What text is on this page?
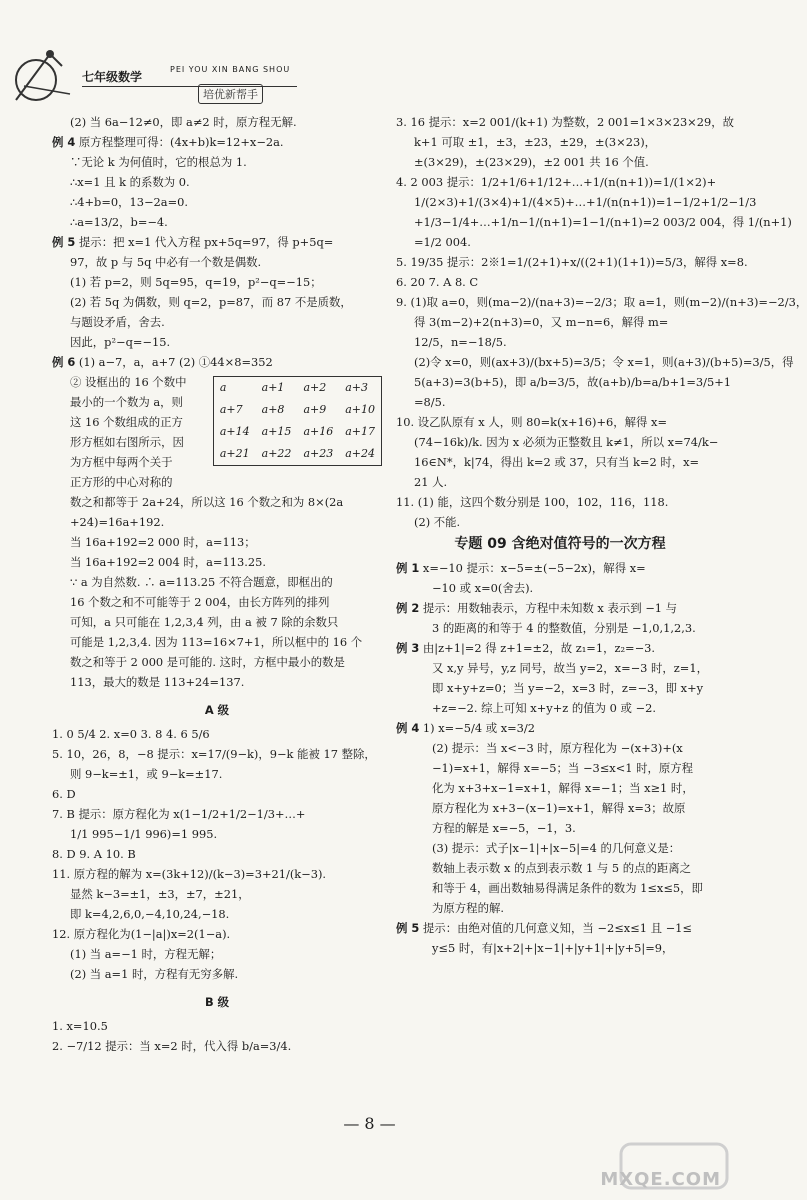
七年级数学
PEI YOU XIN BANG SHOU
培优新帮手
(2) 当 6a−12≠0，即 a≠2 时，原方程无解.
例 4 原方程整理可得：(4x+b)k=12+x−2a.
∵无论 k 为何值时，它的根总为 1.
∴x=1 且 k 的系数为 0.
∴4+b=0，13−2a=0.
∴a=13/2，b=−4.
例 5 提示：把 x=1 代入方程 px+5q=97，得 p+5q=
97，故 p 与 5q 中必有一个数是偶数.
(1) 若 p=2，则 5q=95，q=19，p²−q=−15；
(2) 若 5q 为偶数，则 q=2，p=87，而 87 不是质数，
与题设矛盾，舍去.
因此，p²−q=−15.
例 6 (1) a−7，a，a+7 (2) ①44×8=352
a	a+1	a+2	a+3
a+7	a+8	a+9	a+10
a+14	a+15	a+16	a+17
a+21	a+22	a+23	a+24
② 设框出的 16 个数中
最小的一个数为 a，则
这 16 个数组成的正方
形方框如右图所示，因
为方框中每两个关于
正方形的中心对称的
数之和都等于 2a+24，所以这 16 个数之和为 8×(2a
+24)=16a+192.
当 16a+192=2 000 时，a=113；
当 16a+192=2 004 时，a=113.25.
∵ a 为自然数. ∴ a=113.25 不符合题意，即框出的
16 个数之和不可能等于 2 004，由长方阵列的排列
可知，a 只可能在 1,2,3,4 列，由 a 被 7 除的余数只
可能是 1,2,3,4. 因为 113=16×7+1，所以框中的 16 个
数之和等于 2 000 是可能的. 这时，方框中最小的数是
113，最大的数是 113+24=137.
A 级
1. 0 5/4 2. x=0 3. 8 4. 6 5/6
5. 10，26，8，−8 提示：x=17/(9−k)，9−k 能被 17 整除，
则 9−k=±1，或 9−k=±17.
6. D
7. B 提示：原方程化为 x(1−1/2+1/2−1/3+…+
1/1 995−1/1 996)=1 995.
8. D 9. A 10. B
11. 原方程的解为 x=(3k+12)/(k−3)=3+21/(k−3).
显然 k−3=±1，±3，±7，±21，
即 k=4,2,6,0,−4,10,24,−18.
12. 原方程化为(1−|a|)x=2(1−a).
(1) 当 a=−1 时，方程无解；
(2) 当 a=1 时，方程有无穷多解.
B 级
1. x=10.5
2. −7/12 提示：当 x=2 时，代入得 b/a=3/4.
3. 16 提示：x=2 001/(k+1) 为整数，2 001=1×3×23×29，故
k+1 可取 ±1，±3，±23，±29，±(3×23)，
±(3×29)，±(23×29)，±2 001 共 16 个值.
4. 2 003 提示：1/2+1/6+1/12+…+1/(n(n+1))=1/(1×2)+
1/(2×3)+1/(3×4)+1/(4×5)+…+1/(n(n+1))=1−1/2+1/2−1/3
+1/3−1/4+…+1/n−1/(n+1)=1−1/(n+1)=2 003/2 004，得 1/(n+1)
=1/2 004.
5. 19/35 提示：2※1=1/(2+1)+x/((2+1)(1+1))=5/3，解得 x=8.
6. 20 7. A 8. C
9. (1)取 a=0，则(ma−2)/(na+3)=−2/3；取 a=1，则(m−2)/(n+3)=−2/3，
得 3(m−2)+2(n+3)=0，又 m−n=6，解得 m=
12/5，n=−18/5.
(2)令 x=0，则(ax+3)/(bx+5)=3/5；令 x=1，则(a+3)/(b+5)=3/5，得
5(a+3)=3(b+5)，即 a/b=3/5，故(a+b)/b=a/b+1=3/5+1
=8/5.
10. 设乙队原有 x 人，则 80=k(x+16)+6，解得 x=
(74−16k)/k. 因为 x 必须为正整数且 k≠1，所以 x=74/k−
16∈N*，k|74，得出 k=2 或 37，只有当 k=2 时，x=
21 人.
11. (1) 能，这四个数分别是 100，102，116，118.
(2) 不能.
专题 09 含绝对值符号的一次方程
例 1 x=−10 提示：x−5=±(−5−2x)，解得 x=
−10 或 x=0(舍去).
例 2 提示：用数轴表示，方程中未知数 x 表示到 −1 与
3 的距离的和等于 4 的整数值，分别是 −1,0,1,2,3.
例 3 由|z+1|=2 得 z+1=±2，故 z₁=1，z₂=−3.
又 x,y 异号，y,z 同号，故当 y=2，x=−3 时，z=1，
即 x+y+z=0；当 y=−2，x=3 时，z=−3，即 x+y
+z=−2. 综上可知 x+y+z 的值为 0 或 −2.
例 4 1) x=−5/4 或 x=3/2
(2) 提示：当 x<−3 时，原方程化为 −(x+3)+(x
−1)=x+1，解得 x=−5；当 −3≤x<1 时，原方程
化为 x+3+x−1=x+1，解得 x=−1；当 x≥1 时，
原方程化为 x+3−(x−1)=x+1，解得 x=3；故原
方程的解是 x=−5，−1，3.
(3) 提示：式子|x−1|+|x−5|=4 的几何意义是：
数轴上表示数 x 的点到表示数 1 与 5 的点的距离之
和等于 4，画出数轴易得满足条件的数为 1≤x≤5，即
为原方程的解.
例 5 提示：由绝对值的几何意义知，当 −2≤x≤1 且 −1≤
y≤5 时，有|x+2|+|x−1|+|y+1|+|y+5|=9，
— 8 —
MXQE.COM
